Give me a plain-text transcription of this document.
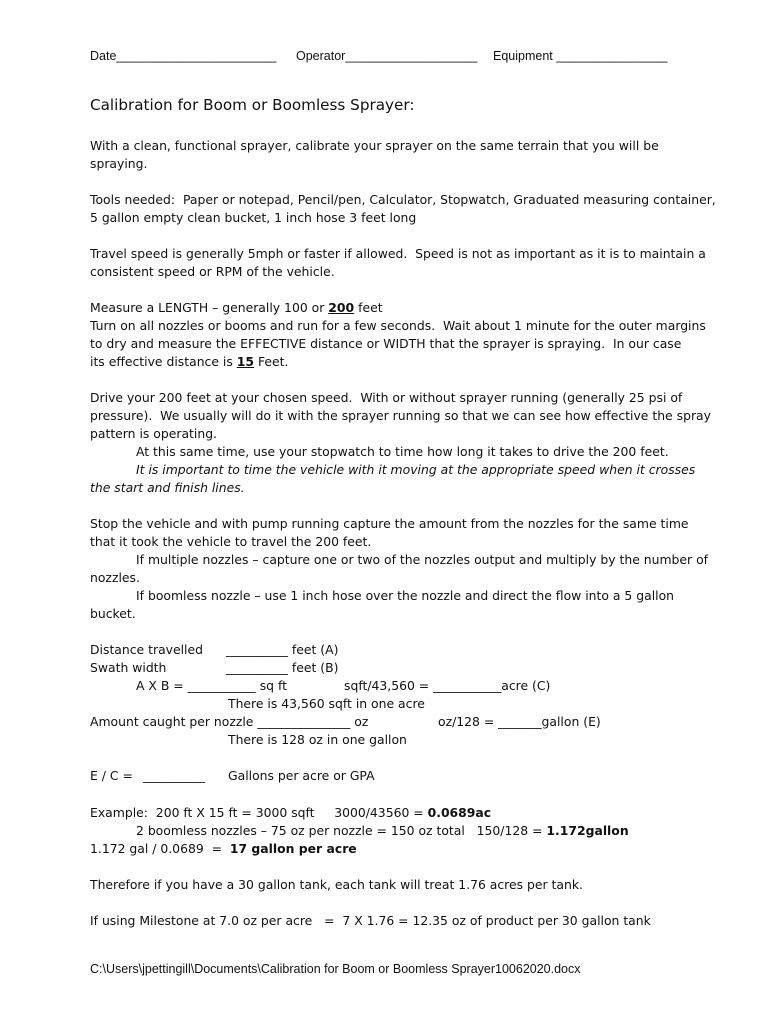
Date_______________________ Operator___________________ Equipment ________________
Calibration for Boom or Boomless Sprayer:
With a clean, functional sprayer, calibrate your sprayer on the same terrain that you will be
spraying.
Tools needed:  Paper or notepad, Pencil/pen, Calculator, Stopwatch, Graduated measuring container,
5 gallon empty clean bucket, 1 inch hose 3 feet long
Travel speed is generally 5mph or faster if allowed.  Speed is not as important as it is to maintain a
consistent speed or RPM of the vehicle.
Measure a LENGTH – generally 100 or 200 feet
Turn on all nozzles or booms and run for a few seconds.  Wait about 1 minute for the outer margins
to dry and measure the EFFECTIVE distance or WIDTH that the sprayer is spraying.  In our case
its effective distance is 15 Feet.
Drive your 200 feet at your chosen speed.  With or without sprayer running (generally 25 psi of
pressure).  We usually will do it with the sprayer running so that we can see how effective the spray
pattern is operating.
At this same time, use your stopwatch to time how long it takes to drive the 200 feet.
It is important to time the vehicle with it moving at the appropriate speed when it crosses
the start and finish lines.
Stop the vehicle and with pump running capture the amount from the nozzles for the same time
that it took the vehicle to travel the 200 feet.
If multiple nozzles – capture one or two of the nozzles output and multiply by the number of
nozzles.
If boomless nozzle – use 1 inch hose over the nozzle and direct the flow into a 5 gallon
bucket.
Distance travelled __________ feet (A)
Swath width	__________ feet (B)
A X B = ___________ sq ft	sqft/43,560 = ___________acre (C)
There is 43,560 sqft in one acre
Amount caught per nozzle _______________ oz	oz/128 = _______gallon (E)
There is 128 oz in one gallon
E / C = __________ Gallons per acre or GPA
Example:  200 ft X 15 ft = 3000 sqft     3000/43560 = 0.0689ac
2 boomless nozzles – 75 oz per nozzle = 150 oz total   150/128 = 1.172gallon
1.172 gal / 0.0689  =  17 gallon per acre
Therefore if you have a 30 gallon tank, each tank will treat 1.76 acres per tank.
If using Milestone at 7.0 oz per acre   =  7 X 1.76 = 12.35 oz of product per 30 gallon tank
C:\Users\jpettingill\Documents\Calibration for Boom or Boomless Sprayer10062020.docx
